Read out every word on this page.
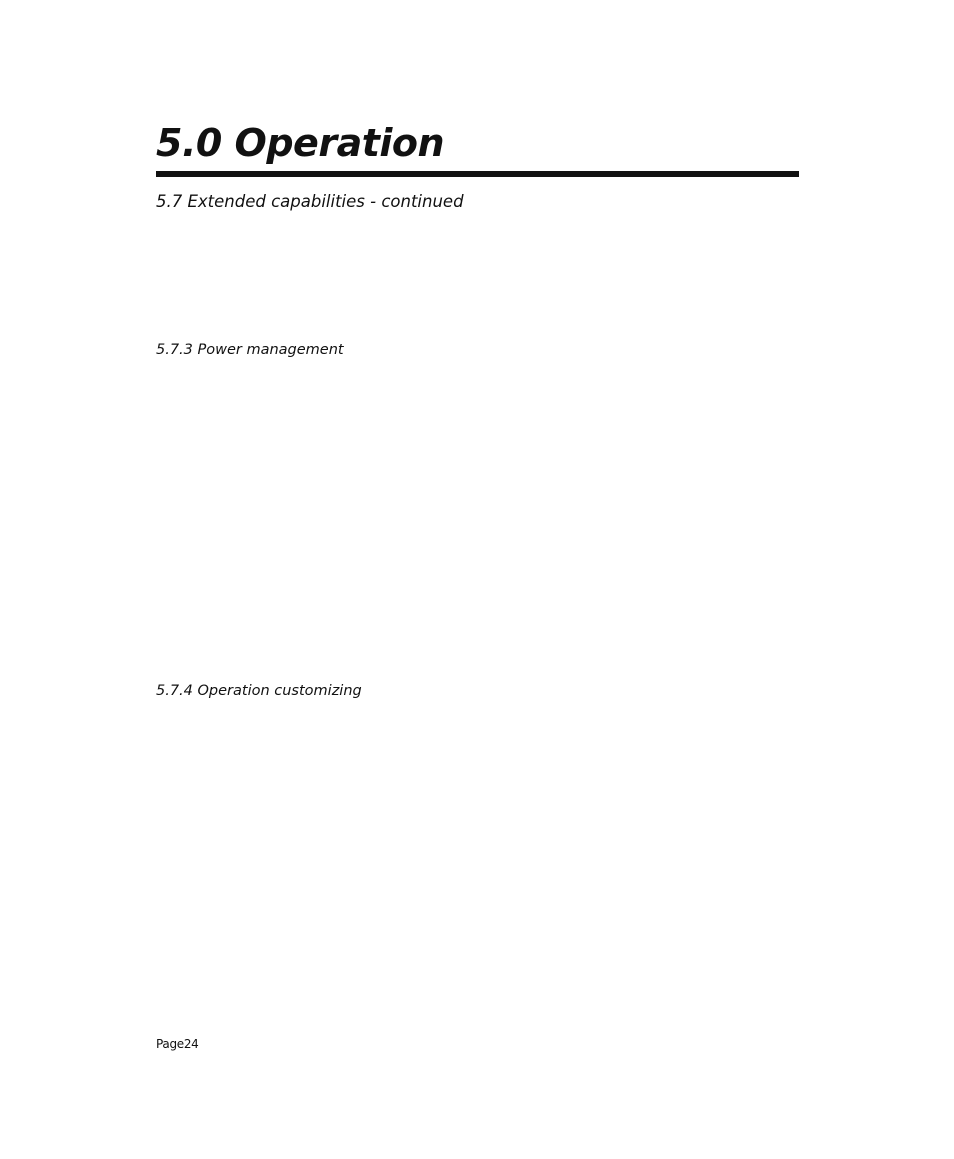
5.0 Operation
5.7 Extended capabilities - continued
5.7.3 Power management
5.7.4 Operation customizing
Page24
